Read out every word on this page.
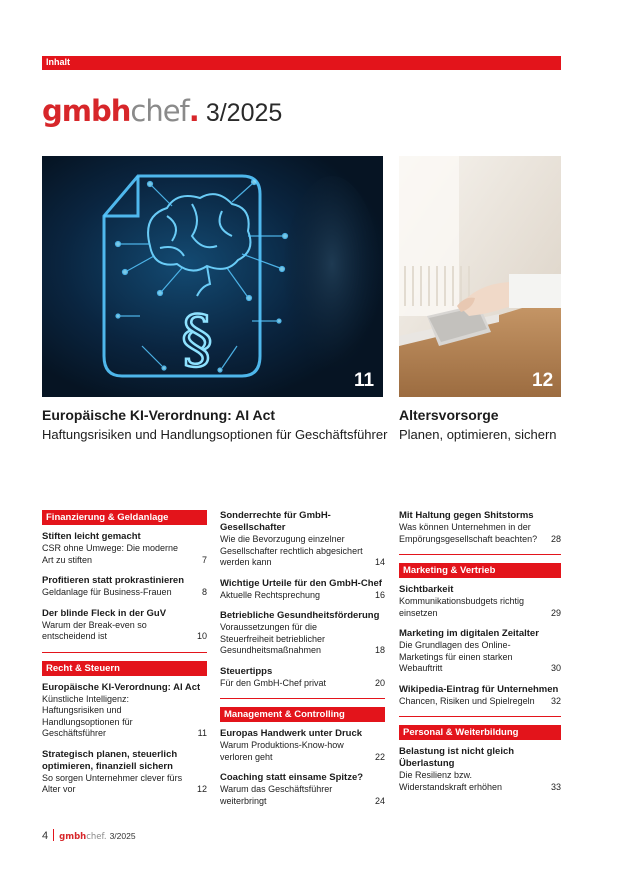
Inhalt
gmbhchef. 3/2025
§
11	12
Europäische KI-Verordnung: AI Act
Haftungsrisiken und Handlungsoptionen für Geschäftsführer
Altersvorsorge
Planen, optimieren, sichern
Finanzierung & Geldanlage
Stiften leicht gemacht
CSR ohne Umwege: Die moderne Art zu stiften	7
Profitieren statt prokrastinieren
Geldanlage für Business-Frauen	8
Der blinde Fleck in der GuV
Warum der Break-even so entscheidend ist	10
Recht & Steuern
Europäische KI-Verordnung: AI Act
Künstliche Intelligenz: Haftungsrisiken und Handlungsoptionen für Geschäftsführer	11
Strategisch planen, steuerlich optimieren, finanziell sichern
So sorgen Unternehmer clever fürs Alter vor	12
Sonderrechte für GmbH-Gesellschafter
Wie die Bevorzugung einzelner Gesellschafter rechtlich abgesichert werden kann	14
Wichtige Urteile für den GmbH-Chef
Aktuelle Rechtsprechung	16
Betriebliche Gesundheitsförderung
Voraussetzungen für die Steuerfreiheit betrieblicher Gesundheitsmaßnahmen	18
Steuertipps
Für den GmbH-Chef privat	20
Management & Controlling
Europas Handwerk unter Druck
Warum Produktions-Know-how verloren geht	22
Coaching statt einsame Spitze?
Warum das Geschäftsführer weiterbringt	24
Mit Haltung gegen Shitstorms
Was können Unternehmen in der Empörungsgesellschaft beachten?	28
Marketing & Vertrieb
Sichtbarkeit
Kommunikationsbudgets richtig einsetzen	29
Marketing im digitalen Zeitalter
Die Grundlagen des Online-Marketings für einen starken Webauftritt	30
Wikipedia-Eintrag für Unternehmen
Chancen, Risiken und Spielregeln	32
Personal & Weiterbildung
Belastung ist nicht gleich Überlastung
Die Resilienz bzw. Widerstandskraft erhöhen	33
4 gmbhchef. 3/2025
